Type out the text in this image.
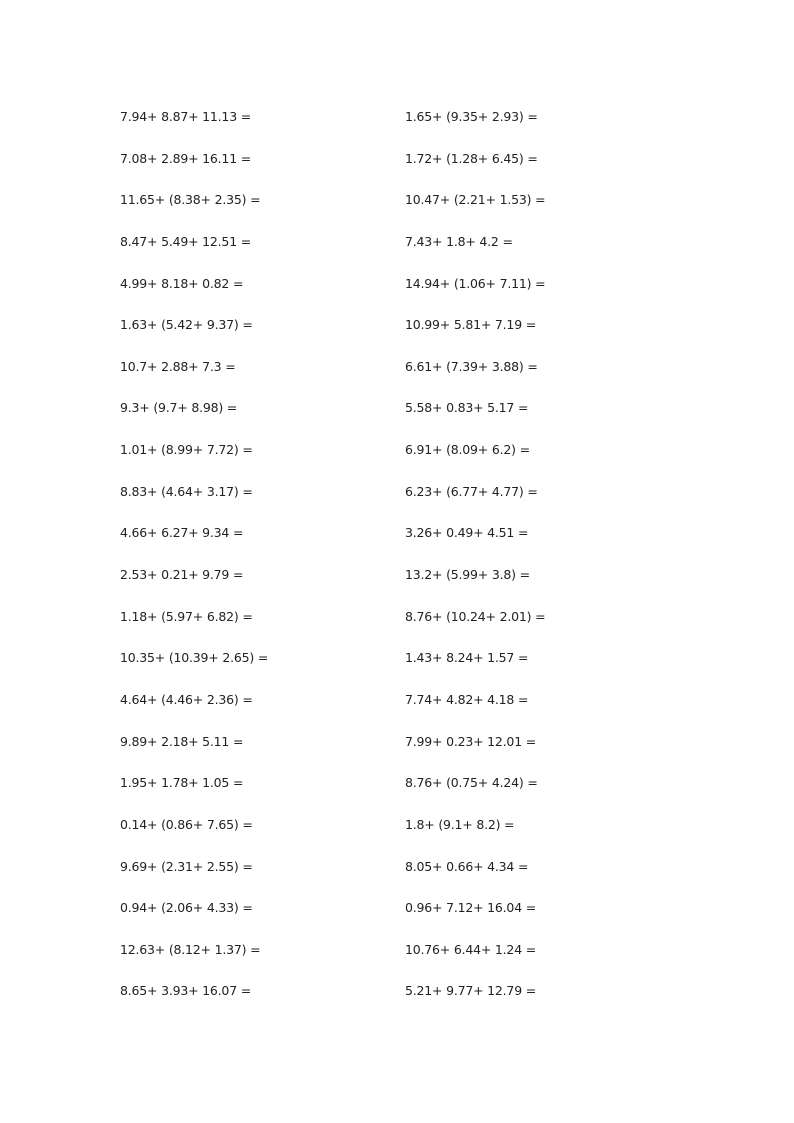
7.94+ 8.87+ 11.13 =	1.65+ (9.35+ 2.93) =
7.08+ 2.89+ 16.11 =	1.72+ (1.28+ 6.45) =
11.65+ (8.38+ 2.35) =	10.47+ (2.21+ 1.53) =
8.47+ 5.49+ 12.51 =	7.43+ 1.8+ 4.2 =
4.99+ 8.18+ 0.82 =	14.94+ (1.06+ 7.11) =
1.63+ (5.42+ 9.37) =	10.99+ 5.81+ 7.19 =
10.7+ 2.88+ 7.3 =	6.61+ (7.39+ 3.88) =
9.3+ (9.7+ 8.98) =	5.58+ 0.83+ 5.17 =
1.01+ (8.99+ 7.72) =	6.91+ (8.09+ 6.2) =
8.83+ (4.64+ 3.17) =	6.23+ (6.77+ 4.77) =
4.66+ 6.27+ 9.34 =	3.26+ 0.49+ 4.51 =
2.53+ 0.21+ 9.79 =	13.2+ (5.99+ 3.8) =
1.18+ (5.97+ 6.82) =	8.76+ (10.24+ 2.01) =
10.35+ (10.39+ 2.65) =	1.43+ 8.24+ 1.57 =
4.64+ (4.46+ 2.36) =	7.74+ 4.82+ 4.18 =
9.89+ 2.18+ 5.11 =	7.99+ 0.23+ 12.01 =
1.95+ 1.78+ 1.05 =	8.76+ (0.75+ 4.24) =
0.14+ (0.86+ 7.65) =	1.8+ (9.1+ 8.2) =
9.69+ (2.31+ 2.55) =	8.05+ 0.66+ 4.34 =
0.94+ (2.06+ 4.33) =	0.96+ 7.12+ 16.04 =
12.63+ (8.12+ 1.37) =	10.76+ 6.44+ 1.24 =
8.65+ 3.93+ 16.07 =	5.21+ 9.77+ 12.79 =
